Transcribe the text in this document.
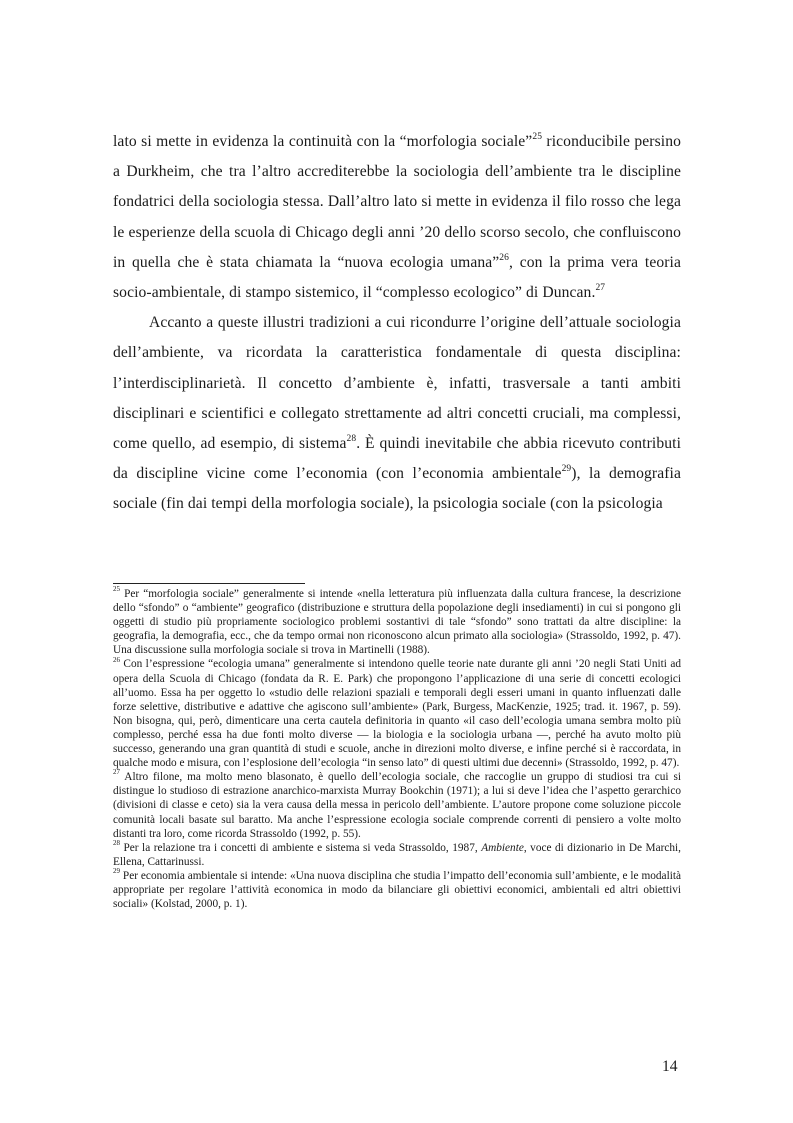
lato si mette in evidenza la continuità con la “morfologia sociale”$^{25}$ riconducibile persino a Durkheim, che tra l’altro accrediterebbe la sociologia dell’ambiente tra le discipline fondatrici della sociologia stessa. Dall’altro lato si mette in evidenza il filo rosso che lega le esperienze della scuola di Chicago degli anni ’20 dello scorso secolo, che confluiscono in quella che è stata chiamata la “nuova ecologia umana”$^{26}$, con la prima vera teoria socio-ambientale, di stampo sistemico, il “complesso ecologico” di Duncan.$^{27}$

Accanto a queste illustri tradizioni a cui ricondurre l’origine dell’attuale sociologia dell’ambiente, va ricordata la caratteristica fondamentale di questa disciplina: l’interdisciplinarietà. Il concetto d’ambiente è, infatti, trasversale a tanti ambiti disciplinari e scientifici e collegato strettamente ad altri concetti cruciali, ma complessi, come quello, ad esempio, di sistema$^{28}$. È quindi inevitabile che abbia ricevuto contributi da discipline vicine come l’economia (con l’economia ambientale$^{29}$), la demografia sociale (fin dai tempi della morfologia sociale), la psicologia sociale (con la psicologia

$^{25}$ Per “morfologia sociale” generalmente si intende «nella letteratura più influenzata dalla cultura francese, la descrizione dello “sfondo” o “ambiente” geografico (distribuzione e struttura della popolazione degli insediamenti) in cui si pongono gli oggetti di studio più propriamente sociologico problemi sostantivi di tale “sfondo” sono trattati da altre discipline: la geografia, la demografia, ecc., che da tempo ormai non riconoscono alcun primato alla sociologia» (Strassoldo, 1992, p. 47). Una discussione sulla morfologia sociale si trova in Martinelli (1988).

$^{26}$ Con l’espressione “ecologia umana” generalmente si intendono quelle teorie nate durante gli anni ’20 negli Stati Uniti ad opera della Scuola di Chicago (fondata da R. E. Park) che propongono l’applicazione di una serie di concetti ecologici all’uomo. Essa ha per oggetto lo «studio delle relazioni spaziali e temporali degli esseri umani in quanto influenzati dalle forze selettive, distributive e adattive che agiscono sull’ambiente» (Park, Burgess, MacKenzie, 1925; trad. it. 1967, p. 59). Non bisogna, qui, però, dimenticare una certa cautela definitoria in quanto «il caso dell’ecologia umana sembra molto più complesso, perché essa ha due fonti molto diverse — la biologia e la sociologia urbana —, perché ha avuto molto più successo, generando una gran quantità di studi e scuole, anche in direzioni molto diverse, e infine perché si è raccordata, in qualche modo e misura, con l’esplosione dell’ecologia “in senso lato” di questi ultimi due decenni» (Strassoldo, 1992, p. 47).

$^{27}$ Altro filone, ma molto meno blasonato, è quello dell’ecologia sociale, che raccoglie un gruppo di studiosi tra cui si distingue lo studioso di estrazione anarchico-marxista Murray Bookchin (1971); a lui si deve l’idea che l’aspetto gerarchico (divisioni di classe e ceto) sia la vera causa della messa in pericolo dell’ambiente. L’autore propone come soluzione piccole comunità locali basate sul baratto. Ma anche l’espressione ecologia sociale comprende correnti di pensiero a volte molto distanti tra loro, come ricorda Strassoldo (1992, p. 55).

$^{28}$ Per la relazione tra i concetti di ambiente e sistema si veda Strassoldo, 1987, Ambiente, voce di dizionario in De Marchi, Ellena, Cattarinussi.

$^{29}$ Per economia ambientale si intende: «Una nuova disciplina che studia l’impatto dell’economia sull’ambiente, e le modalità appropriate per regolare l’attività economica in modo da bilanciare gli obiettivi economici, ambientali ed altri obiettivi sociali» (Kolstad, 2000, p. 1).

14
